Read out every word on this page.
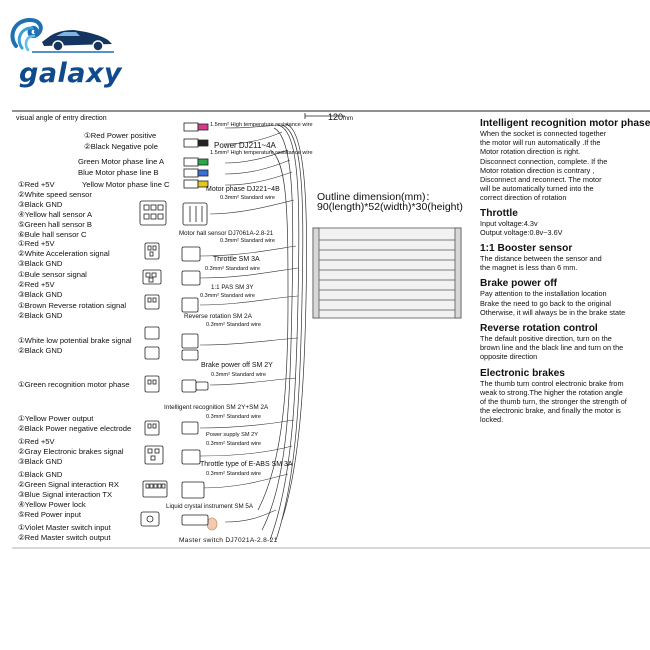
galaxy
visual angle of entry direction	120mm
①Red Power positive
②Black Negative pole
Green Motor phase line A
Blue Motor phase line B
Yellow Motor phase line C
①Red +5V
②White speed sensor
③Black GND
④Yellow hall sensor A
⑤Green hall sensor B
⑥Bule hall sensor C
①Red +5V
②White Acceleration signal
③Black GND
①Bule sensor signal
②Red +5V
③Black GND
①Brown Reverse rotation signal
②Black GND
①White low potential brake signal
②Black GND
①Green recognition motor phase
①Yellow Power output
②Black Power negative electrode
①Red +5V
②Gray Electronic brakes signal
③Black GND
①Black GND
②Green Signal interaction RX
③Blue Signal interaction TX
④Yellow Power lock
⑤Red Power input
①Violet Master switch input
②Red Master switch output
1.5mm² High temperature resistance wire
Power DJ211~4A
1.5mm² High temperature resistance wire
Motor phase DJ221~4B
0.3mm² Standard wire
Motor hall sensor DJ7061A-2.8-21
0.3mm² Standard wire
Throttle SM 3A
0.3mm² Standard wire
1:1 PAS SM 3Y
0.3mm² Standard wire
Reverse rotation SM 2A
0.3mm² Standard wire
Brake power off SM 2Y
0.3mm² Standard wire
Intelligent recognition SM 2Y+SM 2A
0.3mm² Standard wire
Power supply SM 2Y
0.3mm² Standard wire
Throttle type of E-ABS SM 3A
0.3mm² Standard wire
Liquid crystal instrument SM 5A
Master switch DJ7021A-2.8-21
Outline dimension(mm)：
90(length)*52(width)*30(height)
Intelligent recognition motor phase
When the socket is connected together
the motor will run automatically .If the
Motor rotation direction is right.
Disconnect connection, complete. If the
Motor rotation direction is contrary ,
Disconnect and reconnect. The motor
will be automatically turned into the
correct direction of rotation
Throttle
Input voltage:4.3v
Output voltage:0.8v~3.6V
1:1 Booster sensor
The distance between the sensor and
the magnet is less than 6 mm.
Brake power off
Pay attention to the installation location
Brake the need to go back to the original
Otherwise, it will always be in the brake state
Reverse rotation control
The default positive direction, turn on the
brown line and the black line and turn on the
opposite direction
Electronic brakes
The thumb turn control electronic brake from
weak to strong.The higher the rotation angle
of the thumb turn, the stronger the strength of
the electronic brake, and finally the motor is
locked.
